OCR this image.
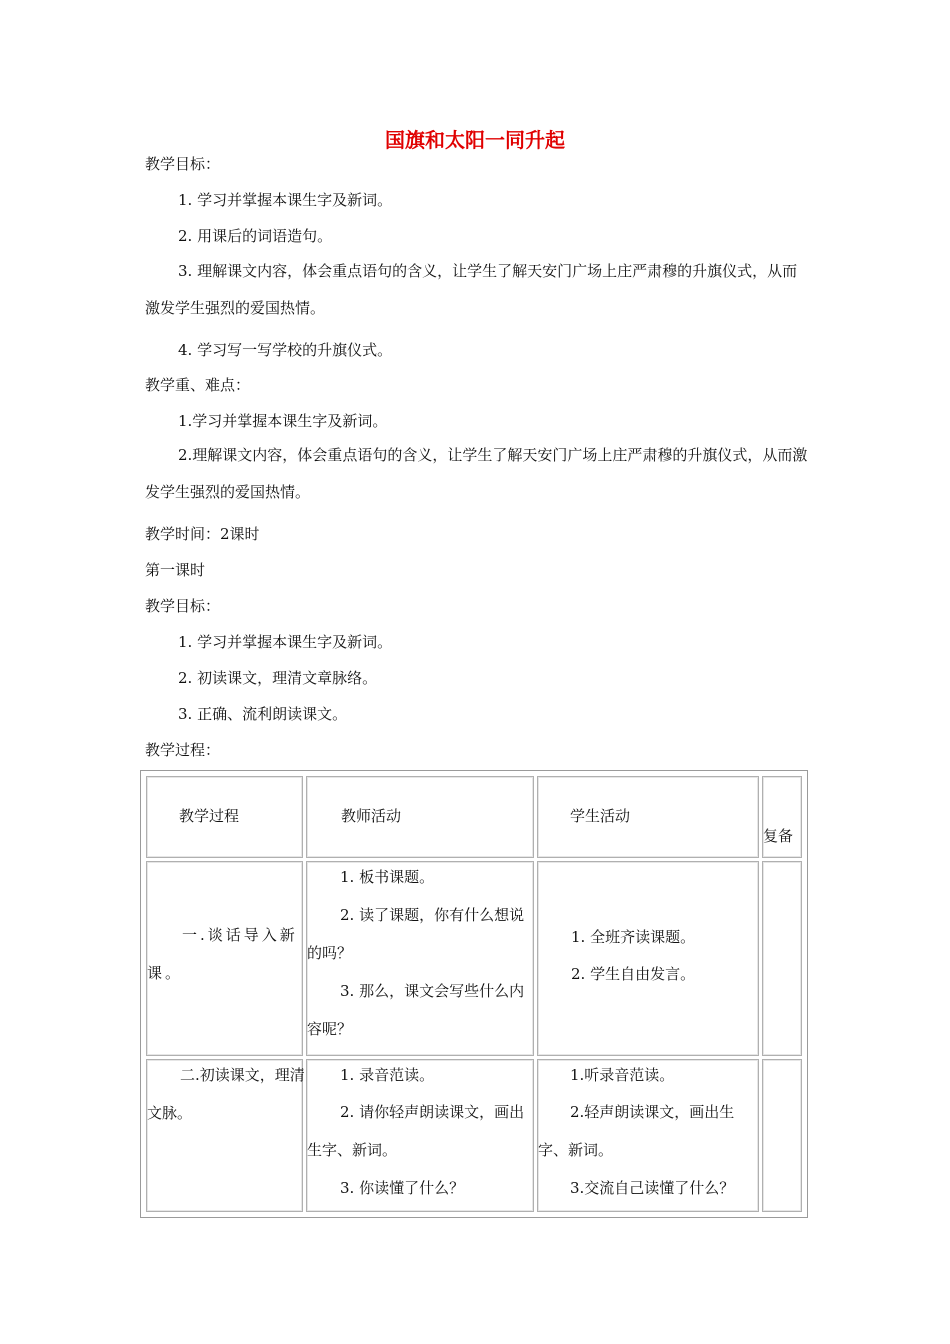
国旗和太阳一同升起
教学目标：
1. 学习并掌握本课生字及新词。
2. 用课后的词语造句。
3. 理解课文内容，体会重点语句的含义，让学生了解天安门广场上庄严肃穆的升旗仪式，从而激发学生强烈的爱国热情。
4. 学习写一写学校的升旗仪式。
教学重、难点：
1.学习并掌握本课生字及新词。
2.理解课文内容，体会重点语句的含义，让学生了解天安门广场上庄严肃穆的升旗仪式，从而激发学生强烈的爱国热情。
教学时间：2课时
第一课时
教学目标：
1. 学习并掌握本课生字及新词。
2. 初读课文，理清文章脉络。
3. 正确、流利朗读课文。
教学过程：
教学过程	教师活动	学生活动
复备
一.谈话导入新课。
1. 板书课题。
2. 读了课题，你有什么想说的吗？
3. 那么，课文会写些什么内容呢？
1. 全班齐读课题。
2. 学生自由发言。
二.初读课文，理清文脉。
1. 录音范读。
2. 请你轻声朗读课文，画出生字、新词。
3. 你读懂了什么？
1.听录音范读。
2.轻声朗读课文，画出生字、新词。
3.交流自己读懂了什么？
